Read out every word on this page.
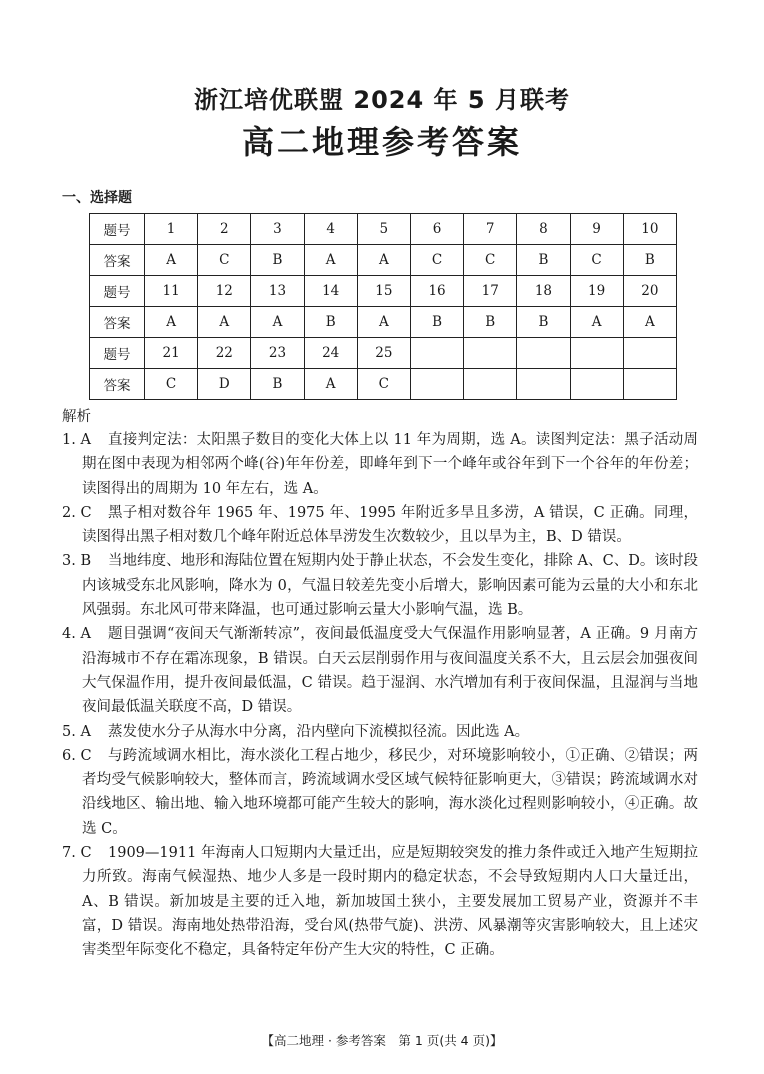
浙江培优联盟 2024 年 5 月联考
高二地理参考答案
一、选择题
题号	1	2	3	4	5	6	7	8	9	10
答案	A	C	B	A	A	C	C	B	C	B
题号	11	12	13	14	15	16	17	18	19	20
答案	A	A	A	B	A	B	B	B	A	A
题号	21	22	23	24	25					
答案	C	D	B	A	C					
解析
1. A	直接判定法：太阳黑子数目的变化大体上以 11 年为周期，选 A。读图判定法：黑子活动周期在图中表现为相邻两个峰(谷)年年份差，即峰年到下一个峰年或谷年到下一个谷年的年份差；读图得出的周期为 10 年左右，选 A。
2. C	黑子相对数谷年 1965 年、1975 年、1995 年附近多旱且多涝，A 错误，C 正确。同理，读图得出黑子相对数几个峰年附近总体旱涝发生次数较少，且以旱为主，B、D 错误。
3. B	当地纬度、地形和海陆位置在短期内处于静止状态，不会发生变化，排除 A、C、D。该时段内该城受东北风影响，降水为 0，气温日较差先变小后增大，影响因素可能为云量的大小和东北风强弱。东北风可带来降温，也可通过影响云量大小影响气温，选 B。
4. A	题目强调“夜间天气渐渐转凉”，夜间最低温度受大气保温作用影响显著，A 正确。9 月南方沿海城市不存在霜冻现象，B 错误。白天云层削弱作用与夜间温度关系不大，且云层会加强夜间大气保温作用，提升夜间最低温，C 错误。趋于湿润、水汽增加有利于夜间保温，且湿润与当地夜间最低温关联度不高，D 错误。
5. A	蒸发使水分子从海水中分离，沿内壁向下流模拟径流。因此选 A。
6. C	与跨流域调水相比，海水淡化工程占地少，移民少，对环境影响较小，①正确、②错误；两者均受气候影响较大，整体而言，跨流域调水受区域气候特征影响更大，③错误；跨流域调水对沿线地区、输出地、输入地环境都可能产生较大的影响，海水淡化过程则影响较小，④正确。故选 C。
7. C	1909—1911 年海南人口短期内大量迁出，应是短期较突发的推力条件或迁入地产生短期拉力所致。海南气候湿热、地少人多是一段时期内的稳定状态，不会导致短期内人口大量迁出，A、B 错误。新加坡是主要的迁入地，新加坡国土狭小，主要发展加工贸易产业，资源并不丰富，D 错误。海南地处热带沿海，受台风(热带气旋)、洪涝、风暴潮等灾害影响较大，且上述灾害类型年际变化不稳定，具备特定年份产生大灾的特性，C 正确。
【高二地理 · 参考答案　第 1 页(共 4 页)】
